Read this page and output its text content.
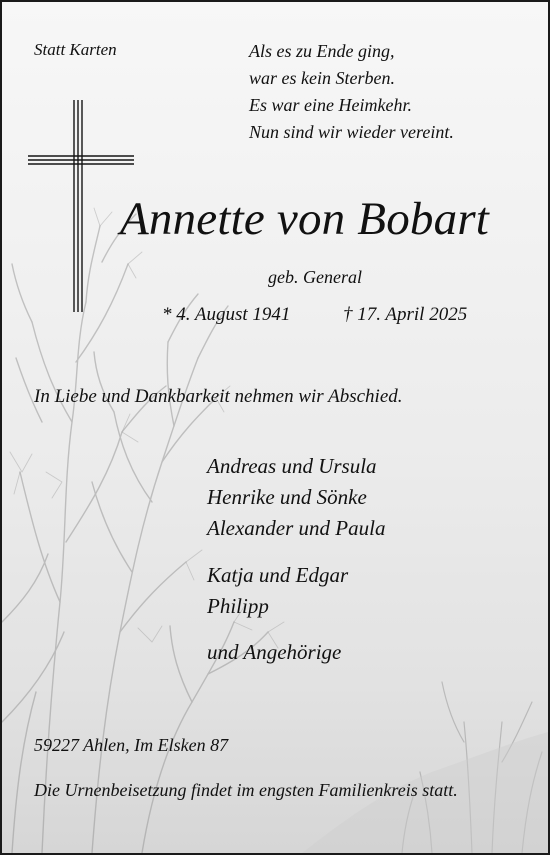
Statt Karten	Als es zu Ende ging,
war es kein Sterben.
Es war eine Heimkehr.
Nun sind wir wieder vereint.
Annette von Bobart
geb. General
* 4. August 1941	† 17. April 2025
In Liebe und Dankbarkeit nehmen wir Abschied.
Andreas und Ursula
Henrike und Sönke
Alexander und Paula
Katja und Edgar
Philipp
und Angehörige
59227 Ahlen, Im Elsken 87
Die Urnenbeisetzung findet im engsten Familienkreis statt.
